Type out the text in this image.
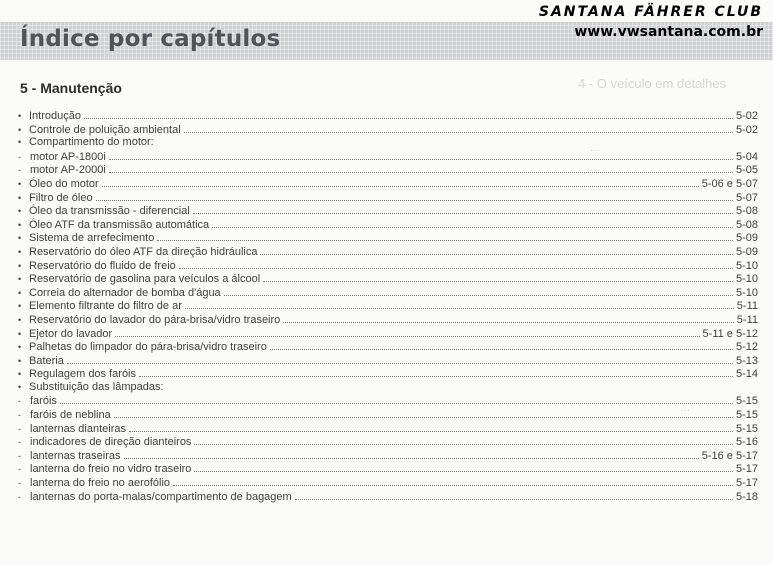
Índice por capítulos
SANTANA FÄHRER CLUB
www.vwsantana.com.br
4 - O veículo em detalhes
...
...
...
5 - Manutenção
• Introdução	5-02
• Controle de poluição ambiental	5-02
• Compartimento do motor:
- motor AP-1800i	5-04
- motor AP-2000i	5-05
• Óleo do motor	5-06 e 5-07
• Filtro de óleo	5-07
• Óleo da transmissão - diferencial	5-08
• Óleo ATF da transmissão automática	5-08
• Sistema de arrefecimento	5-09
• Reservatório do óleo ATF da direção hidráulica	5-09
• Reservatório do fluido de freio	5-10
• Reservatório de gasolina para veículos a álcool	5-10
• Correia do alternador de bomba d'água	5-10
• Elemento filtrante do filtro de ar	5-11
• Reservatório do lavador do pára-brisa/vidro traseiro	5-11
• Ejetor do lavador	5-11 e 5-12
• Palhetas do limpador do pára-brisa/vidro traseiro	5-12
• Bateria	5-13
• Regulagem dos faróis	5-14
• Substituição das lâmpadas:
- faróis	5-15
- faróis de neblina	5-15
- lanternas dianteiras	5-15
- indicadores de direção dianteiros	5-16
- lanternas traseiras	5-16 e 5-17
- lanterna do freio no vidro traseiro	5-17
- lanterna do freio no aerofólio	5-17
- lanternas do porta-malas/compartimento de bagagem	5-18
